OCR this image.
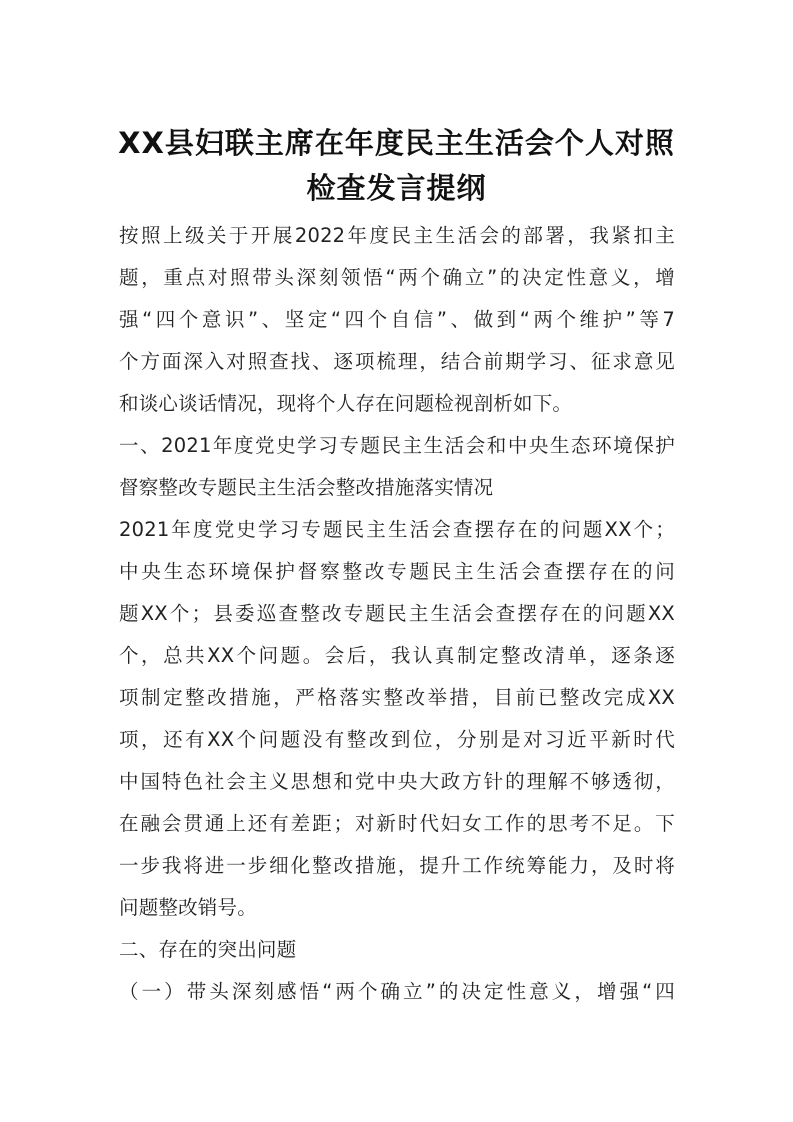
XX县妇联主席在年度民主生活会个人对照
检查发言提纲
按照上级关于开展2022年度民主生活会的部署，我紧扣主
题，重点对照带头深刻领悟“两个确立”的决定性意义，增
强“四个意识”、坚定“四个自信”、做到“两个维护”等7
个方面深入对照查找、逐项梳理，结合前期学习、征求意见
和谈心谈话情况，现将个人存在问题检视剖析如下。
一、2021年度党史学习专题民主生活会和中央生态环境保护
督察整改专题民主生活会整改措施落实情况
2021年度党史学习专题民主生活会查摆存在的问题XX个；
中央生态环境保护督察整改专题民主生活会查摆存在的问
题XX个；县委巡查整改专题民主生活会查摆存在的问题XX
个，总共XX个问题。会后，我认真制定整改清单，逐条逐
项制定整改措施，严格落实整改举措，目前已整改完成XX
项，还有XX个问题没有整改到位，分别是对习近平新时代
中国特色社会主义思想和党中央大政方针的理解不够透彻，
在融会贯通上还有差距；对新时代妇女工作的思考不足。下
一步我将进一步细化整改措施，提升工作统筹能力，及时将
问题整改销号。
二、存在的突出问题
（一）带头深刻感悟“两个确立”的决定性意义，增强“四
